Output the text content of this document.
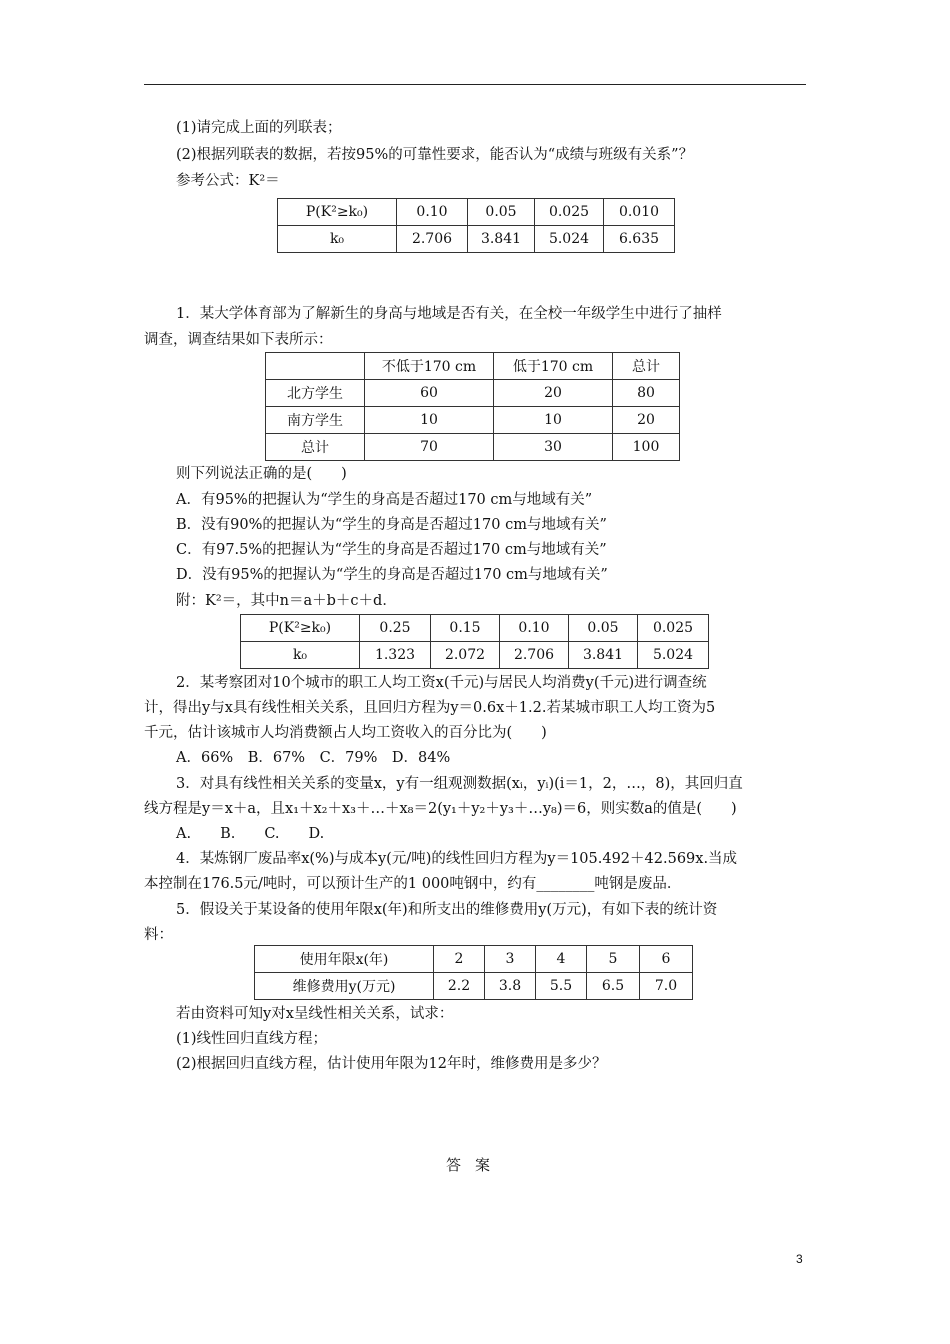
(1)请完成上面的列联表；
(2)根据列联表的数据，若按95%的可靠性要求，能否认为“成绩与班级有关系”？
参考公式：K²＝
P(K²≥k₀)	0.10	0.05	0.025	0.010
k₀	2.706	3.841	5.024	6.635
1．某大学体育部为了解新生的身高与地域是否有关，在全校一年级学生中进行了抽样
调查，调查结果如下表所示：
	不低于170 cm	低于170 cm	总计
北方学生	60	20	80
南方学生	10	10	20
总计	70	30	100
则下列说法正确的是(　　)
A．有95%的把握认为“学生的身高是否超过170 cm与地域有关”
B．没有90%的把握认为“学生的身高是否超过170 cm与地域有关”
C．有97.5%的把握认为“学生的身高是否超过170 cm与地域有关”
D．没有95%的把握认为“学生的身高是否超过170 cm与地域有关”
附：K²＝，其中n＝a＋b＋c＋d．
P(K²≥k₀)	0.25	0.15	0.10	0.05	0.025
k₀	1.323	2.072	2.706	3.841	5.024
2．某考察团对10个城市的职工人均工资x(千元)与居民人均消费y(千元)进行调查统
计，得出y与x具有线性相关关系，且回归方程为y＝0.6x＋1.2.若某城市职工人均工资为5
千元，估计该城市人均消费额占人均工资收入的百分比为(　　)
A．66%　B．67%　C．79%　D．84%
3．对具有线性相关关系的变量x，y有一组观测数据(xᵢ，yᵢ)(i＝1，2，…，8)，其回归直
线方程是y＝x＋a，且x₁＋x₂＋x₃＋…＋x₈＝2(y₁＋y₂＋y₃＋…y₈)＝6，则实数a的值是(　　)
A.　　B.　　C.　　D.
4．某炼钢厂废品率x(%)与成本y(元/吨)的线性回归方程为y＝105.492＋42.569x.当成
本控制在176.5元/吨时，可以预计生产的1 000吨钢中，约有________吨钢是废品．
5．假设关于某设备的使用年限x(年)和所支出的维修费用y(万元)，有如下表的统计资
料：
使用年限x(年)	2	3	4	5	6
维修费用y(万元)	2.2	3.8	5.5	6.5	7.0
若由资料可知y对x呈线性相关关系，试求：
(1)线性回归直线方程；
(2)根据回归直线方程，估计使用年限为12年时，维修费用是多少？
答案
3
